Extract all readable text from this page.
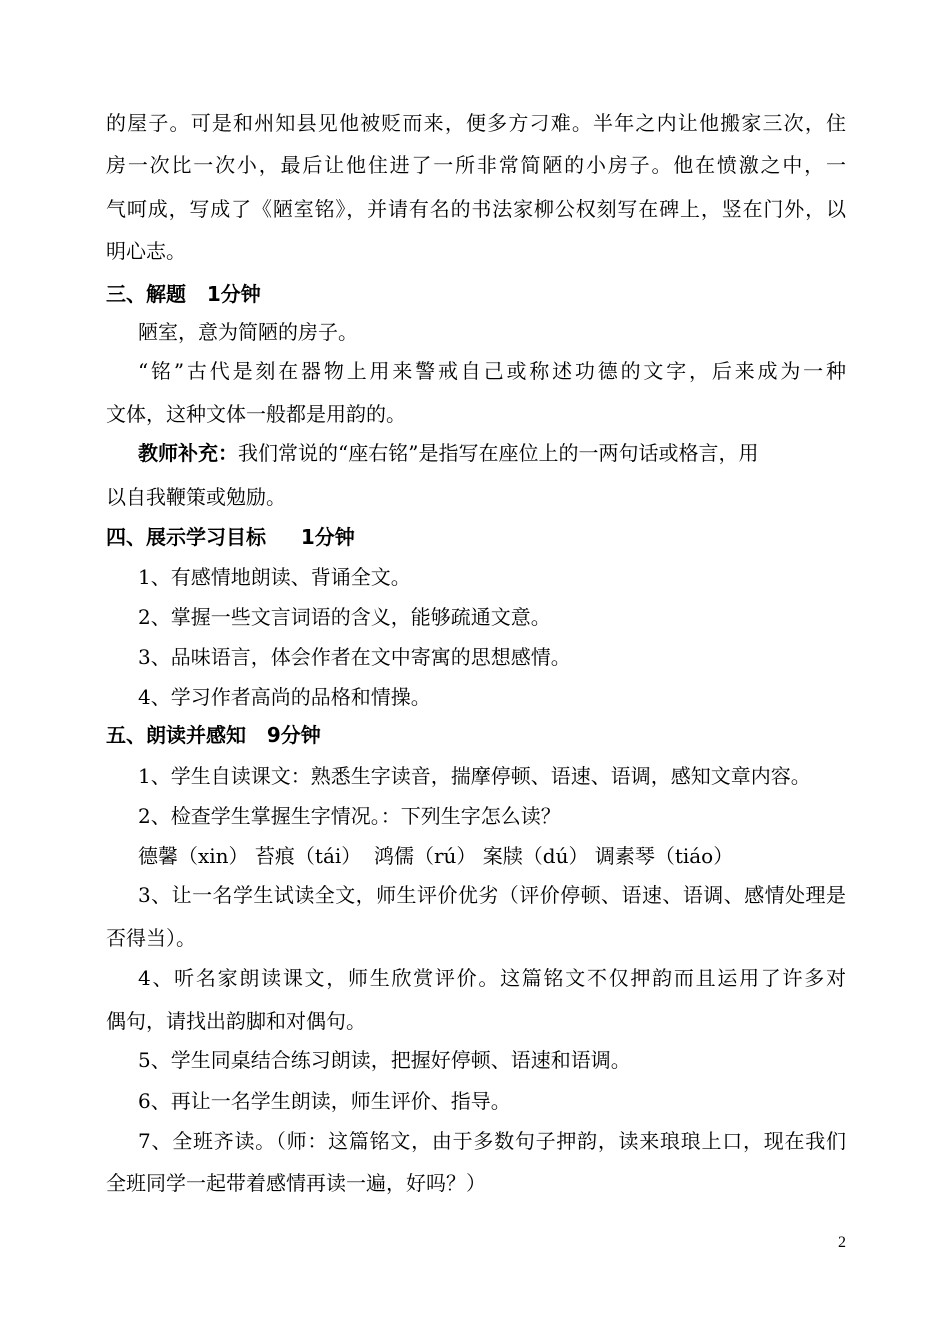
的屋子。可是和州知县见他被贬而来，便多方刁难。半年之内让他搬家三次，住
房一次比一次小，最后让他住进了一所非常简陋的小房子。他在愤激之中，一
气呵成，写成了《陋室铭》，并请有名的书法家柳公权刻写在碑上，竖在门外，以
明心志。
三、解题   1分钟
陋室，意为简陋的房子。
“铭”古代是刻在器物上用来警戒自己或称述功德的文字，后来成为一种
文体，这种文体一般都是用韵的。
教师补充：我们常说的“座右铭”是指写在座位上的一两句话或格言，用
以自我鞭策或勉励。
四、展示学习目标     1分钟
1、有感情地朗读、背诵全文。
2、掌握一些文言词语的含义，能够疏通文意。
3、品味语言，体会作者在文中寄寓的思想感情。
4、学习作者高尚的品格和情操。
五、朗读并感知   9分钟
1、学生自读课文：熟悉生字读音，揣摩停顿、语速、语调，感知文章内容。
2、检查学生掌握生字情况。：下列生字怎么读？
德馨（xin） 苔痕（tái）  鸿儒（rú） 案牍（dú） 调素琴（tiáo）
3、让一名学生试读全文，师生评价优劣（评价停顿、语速、语调、感情处理是
否得当）。
4、听名家朗读课文，师生欣赏评价。这篇铭文不仅押韵而且运用了许多对
偶句，请找出韵脚和对偶句。
5、学生同桌结合练习朗读，把握好停顿、语速和语调。
6、再让一名学生朗读，师生评价、指导。
7、全班齐读。（师：这篇铭文，由于多数句子押韵，读来琅琅上口，现在我们
全班同学一起带着感情再读一遍，好吗？）
2
